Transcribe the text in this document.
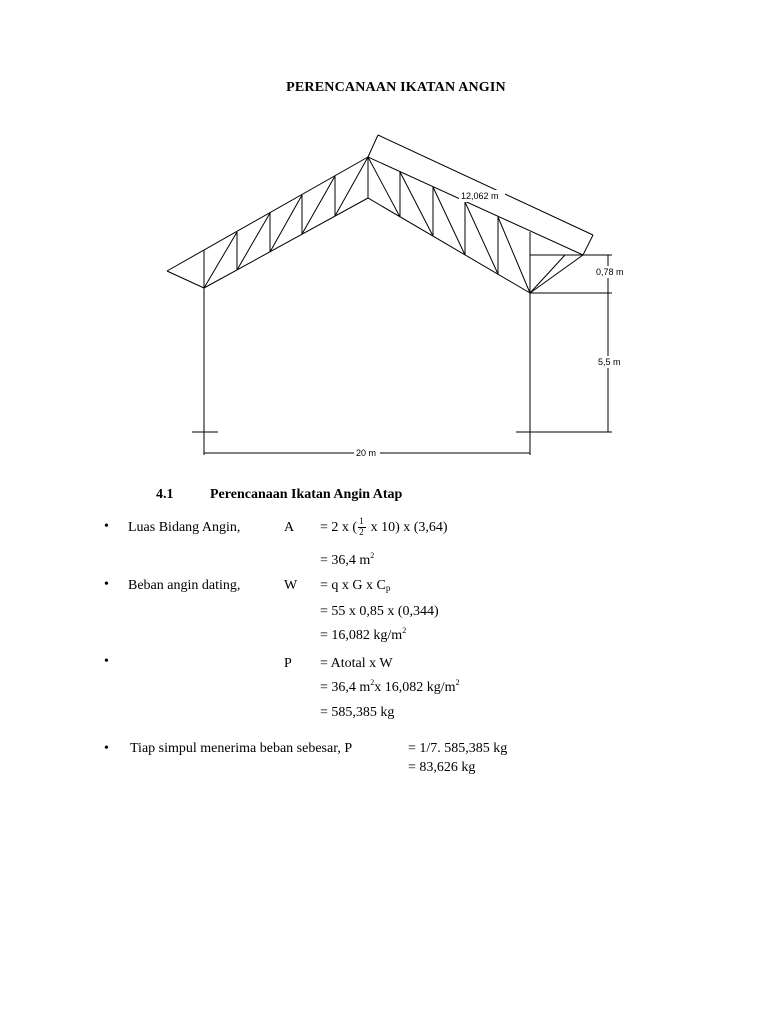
PERENCANAAN IKATAN ANGIN
12,062 m
0,78 m
5,5 m
20 m
4.1	Perencanaan Ikatan Angin Atap
• Luas Bidang Angin,	A = 2 x ( $\frac{1}{2}$ x 10) x (3,64)
= 36,4 $m^2$
• Beban angin dating,	W = q x G x $C_p$
= 55 x 0,85 x (0,344)
= 16,082 $kg/m^2$
•	P = Atotal x W
= 36,4 $m^2x$ 16,082 $kg/m^2$
= 585,385 kg
• Tiap simpul menerima beban sebesar, P	= 1/7. 585,385 kg
= 83,626 kg
